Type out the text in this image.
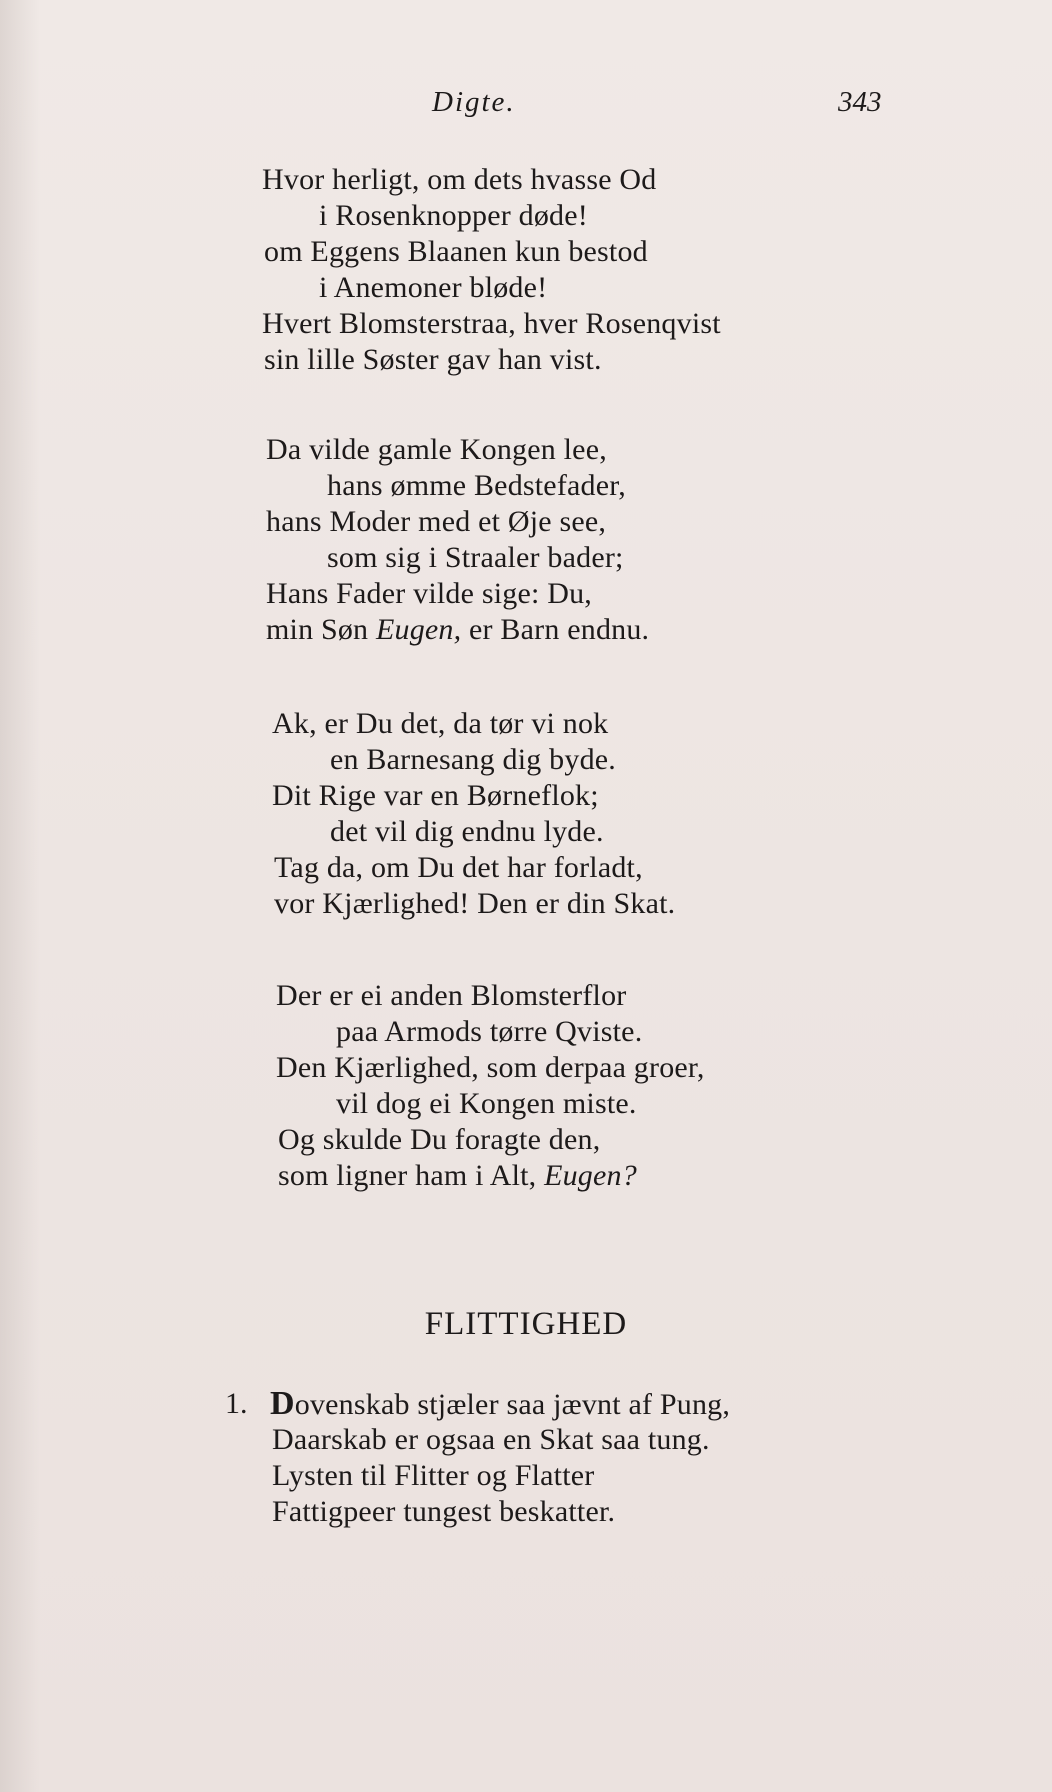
Digte.	343
Hvor herligt, om dets hvasse Od
i Rosenknopper døde!
om Eggens Blaanen kun bestod
i Anemoner bløde!
Hvert Blomsterstraa, hver Rosenqvist
sin lille Søster gav han vist.
Da vilde gamle Kongen lee,
hans ømme Bedstefader,
hans Moder med et Øje see,
som sig i Straaler bader;
Hans Fader vilde sige: Du,
min Søn Eugen, er Barn endnu.
Ak, er Du det, da tør vi nok
en Barnesang dig byde.
Dit Rige var en Børneflok;
det vil dig endnu lyde.
Tag da, om Du det har forladt,
vor Kjærlighed! Den er din Skat.
Der er ei anden Blomsterflor
paa Armods tørre Qviste.
Den Kjærlighed, som derpaa groer,
vil dog ei Kongen miste.
Og skulde Du foragte den,
som ligner ham i Alt, Eugen?
FLITTIGHED
1. Dovenskab stjæler saa jævnt af Pung,
Daarskab er ogsaa en Skat saa tung.
Lysten til Flitter og Flatter
Fattigpeer tungest beskatter.
